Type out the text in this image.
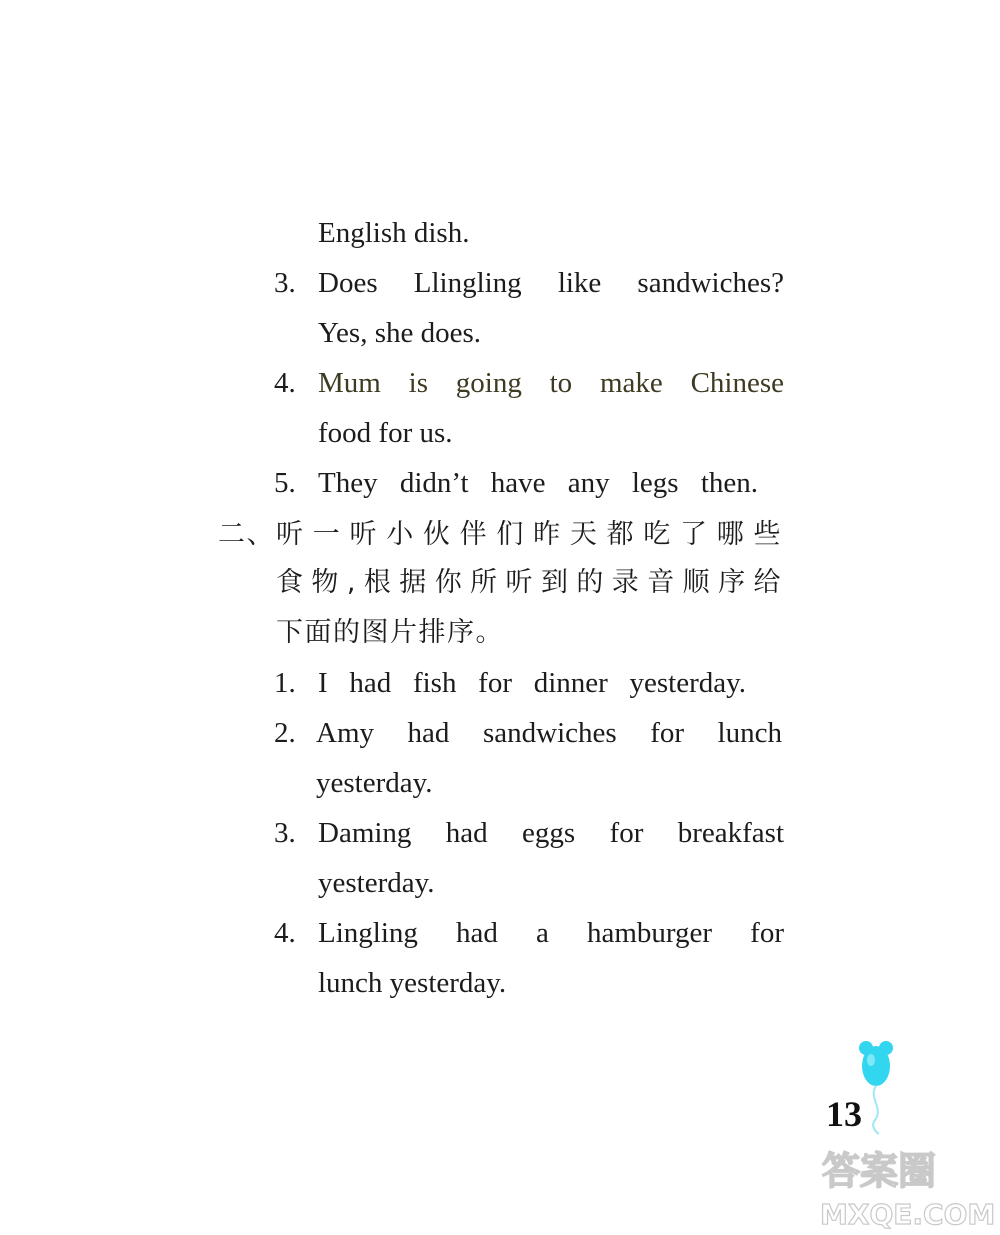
English dish.
3. Does Llingling like sandwiches?
Yes, she does.
4. Mum is going to make Chinese
food for us.
5. They didn’t have any legs then.
二、 听一听小伙伴们昨天都吃了哪些
食物,根据你所听到的录音顺序给
下面的图片排序。
1. I had fish for dinner yesterday.
2. Amy had sandwiches for lunch
yesterday.
3. Daming had eggs for breakfast
yesterday.
4. Lingling had a hamburger for
lunch yesterday.
13
答案圈
MXQE.COM
